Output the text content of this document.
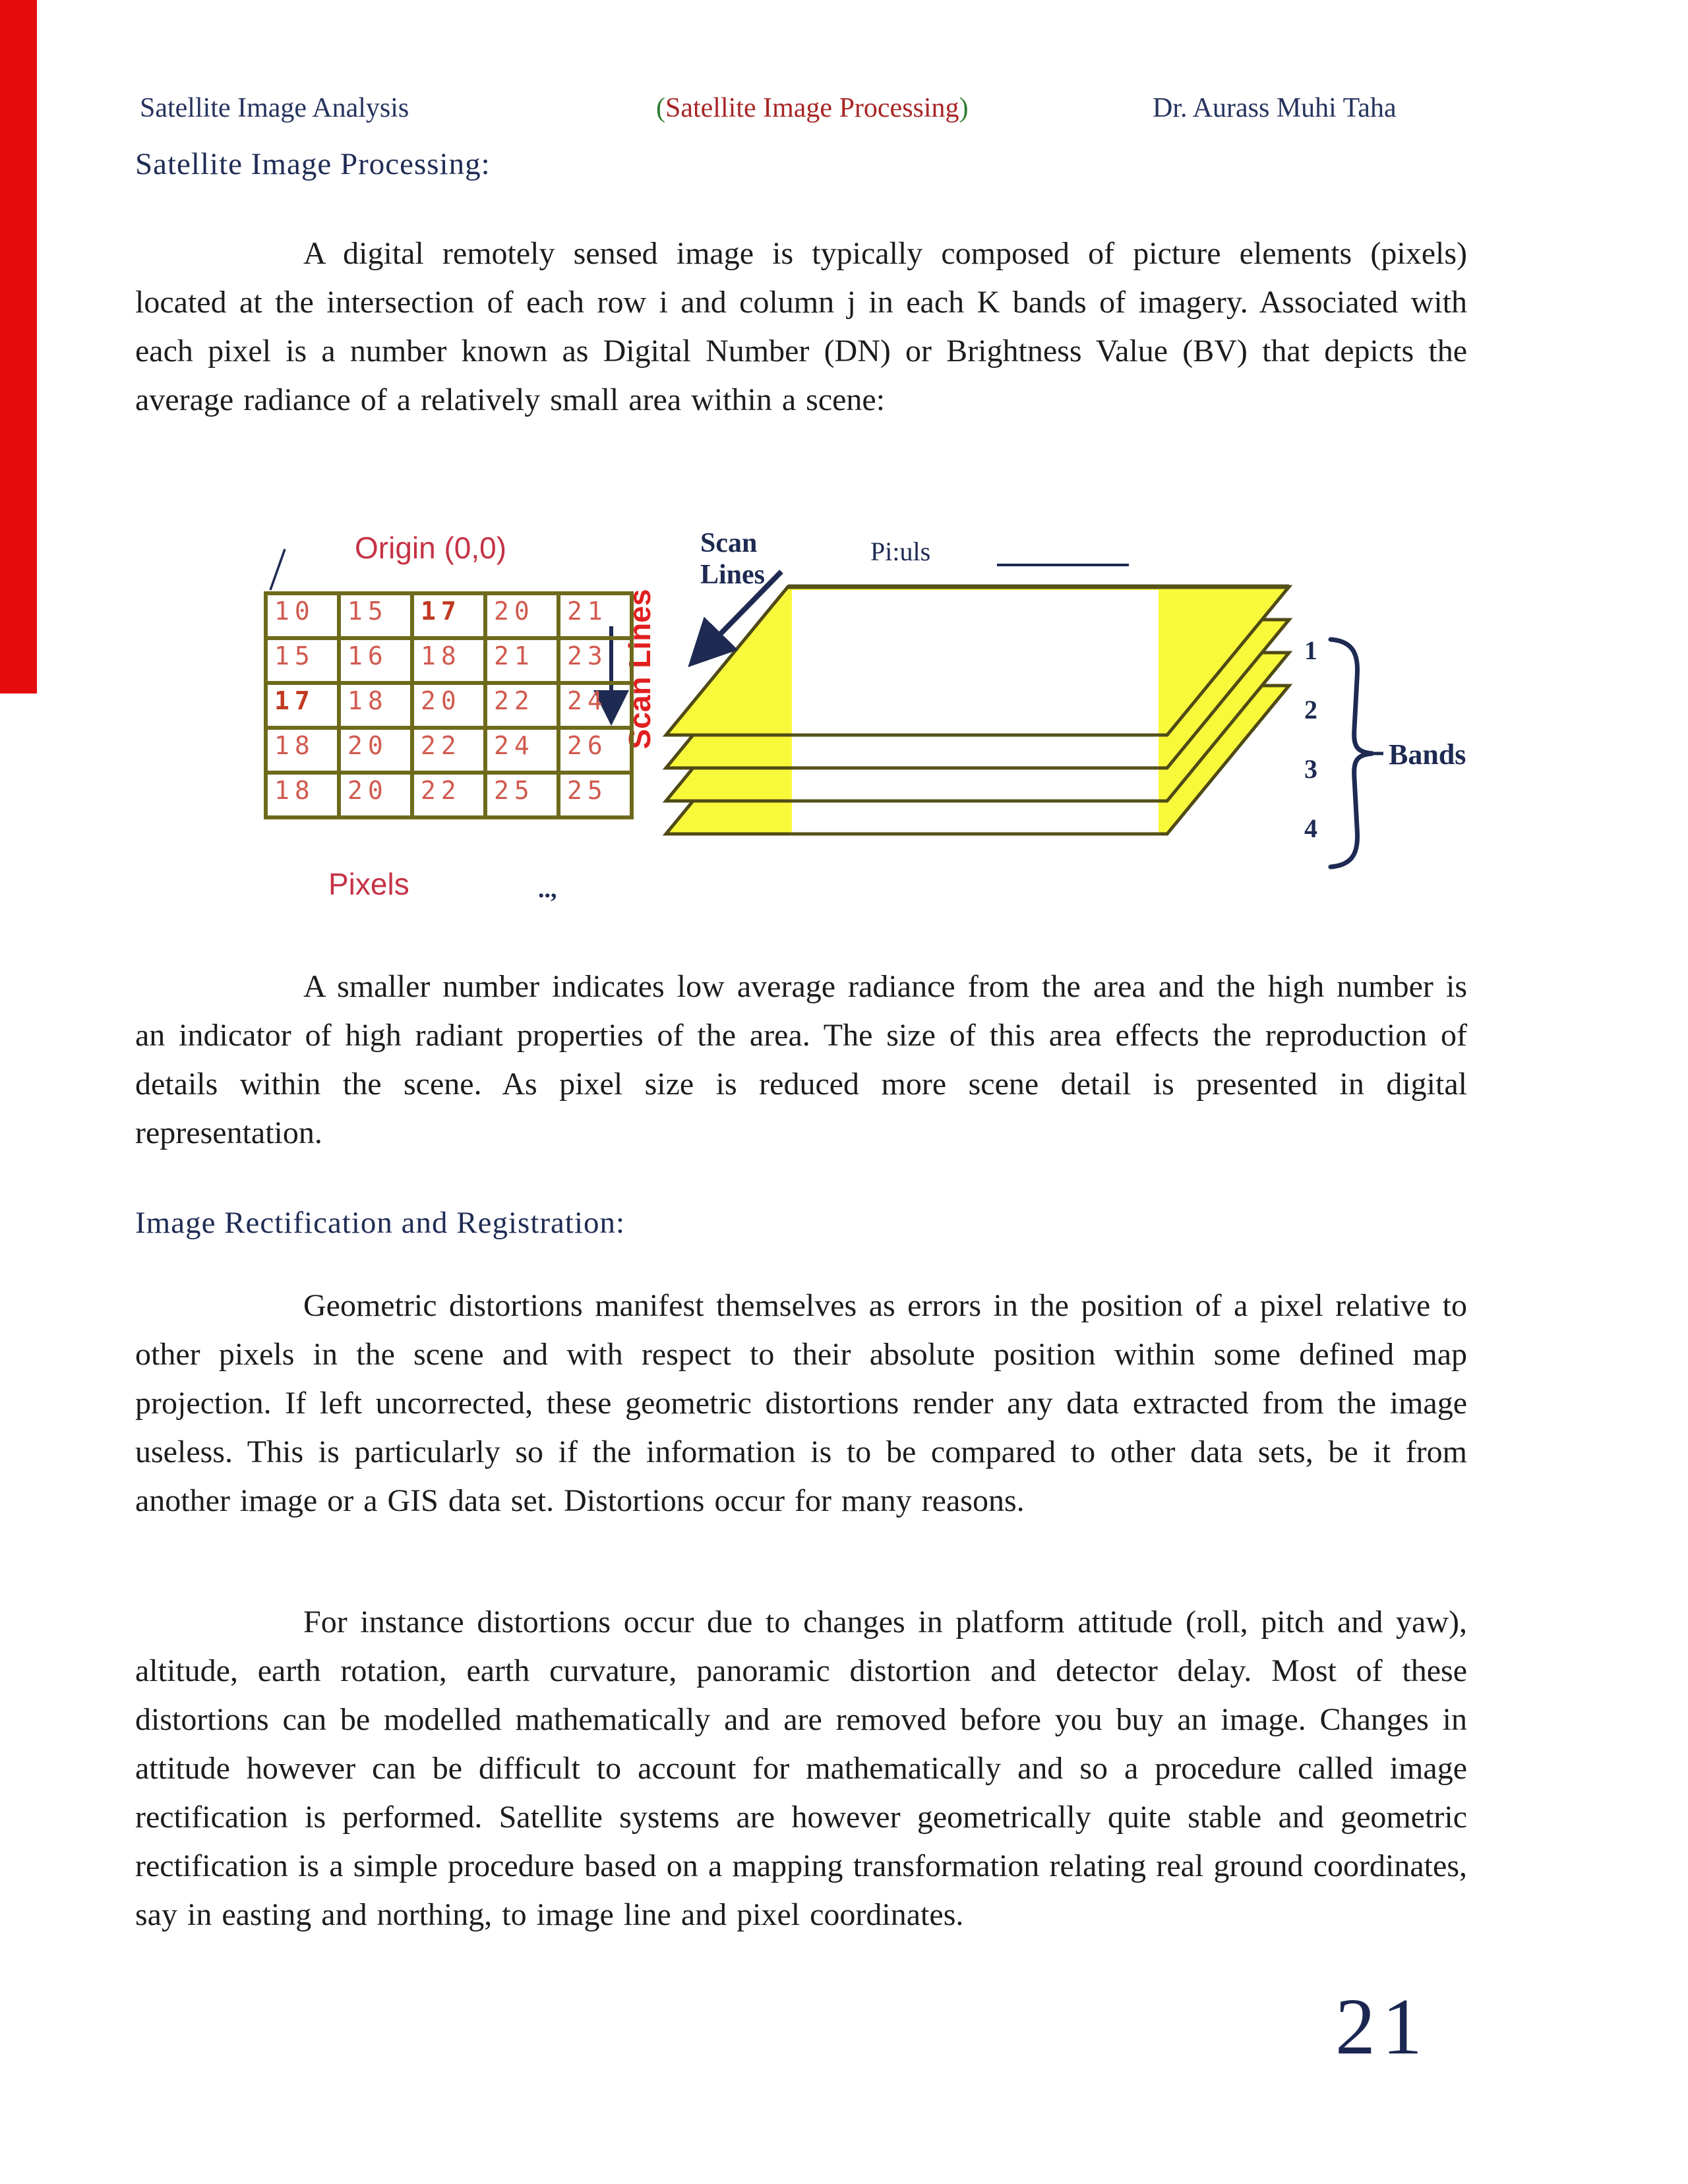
Satellite Image Analysis	(Satellite Image Processing)	Dr. Aurass Muhi Taha
Satellite Image Processing:
A digital remotely sensed image is typically composed of picture elements (pixels) located at the intersection of each row i and column j in each K bands of imagery. Associated with each pixel is a number known as Digital Number (DN) or Brightness Value (BV) that depicts the average radiance of a relatively small area within a scene:
Origin (0,0)
Scan Lines
Scan
Lines
Pi:uls
1
2
3
4
Bands
Pixels	..,
10	15	17	20	21
15	16	18	21	23
17	18	20	22	24
18	20	22	24	26
18	20	22	25	25
A smaller number indicates low average radiance from the area and the high number is an indicator of high radiant properties of the area. The size of this area effects the reproduction of details within the scene. As pixel size is reduced more scene detail is presented in digital representation.
Image Rectification and Registration:
Geometric distortions manifest themselves as errors in the position of a pixel relative to other pixels in the scene and with respect to their absolute position within some defined map projection. If left uncorrected, these geometric distortions render any data extracted from the image useless. This is particularly so if the information is to be compared to other data sets, be it from another image or a GIS data set. Distortions occur for many reasons.
For instance distortions occur due to changes in platform attitude (roll, pitch and yaw), altitude, earth rotation, earth curvature, panoramic distortion and detector delay. Most of these distortions can be modelled mathematically and are removed before you buy an image. Changes in attitude however can be difficult to account for mathematically and so a procedure called image rectification is performed. Satellite systems are however geometrically quite stable and geometric rectification is a simple procedure based on a mapping transformation relating real ground coordinates, say in easting and northing, to image line and pixel coordinates.
21
